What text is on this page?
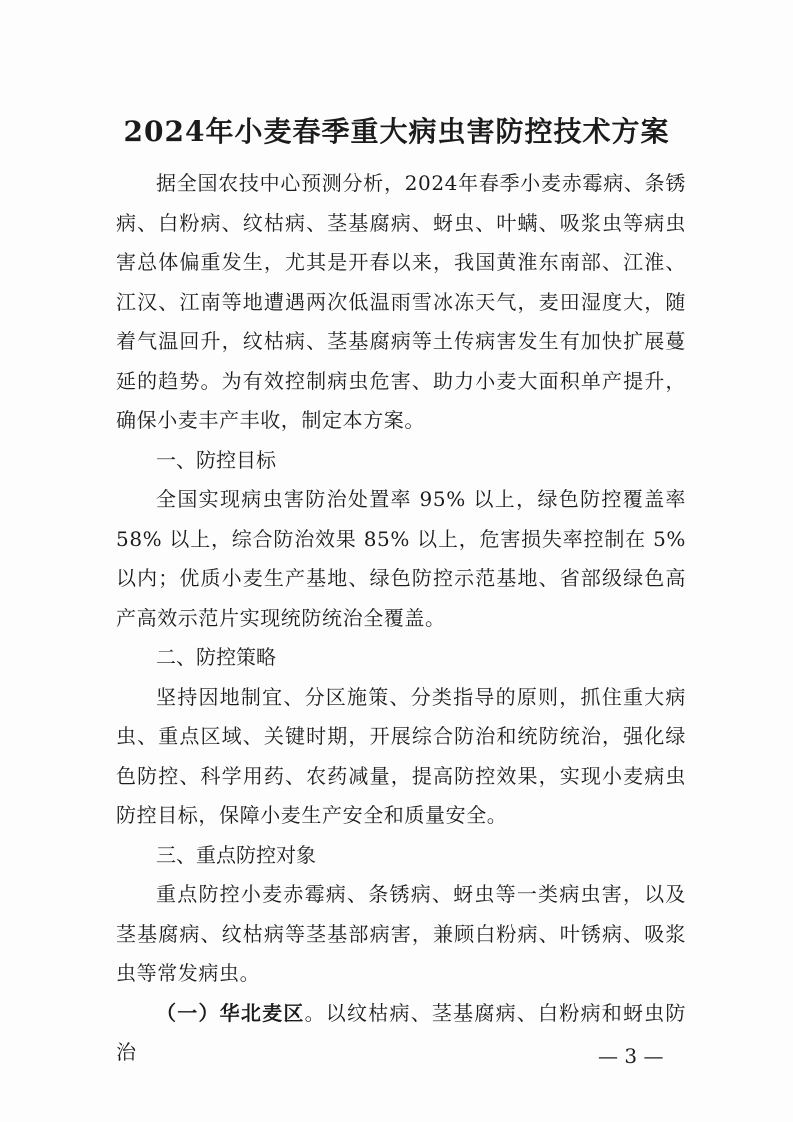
2024年小麦春季重大病虫害防控技术方案

据全国农技中心预测分析，2024年春季小麦赤霉病、条锈病、白粉病、纹枯病、茎基腐病、蚜虫、叶螨、吸浆虫等病虫害总体偏重发生，尤其是开春以来，我国黄淮东南部、江淮、江汉、江南等地遭遇两次低温雨雪冰冻天气，麦田湿度大，随着气温回升，纹枯病、茎基腐病等土传病害发生有加快扩展蔓延的趋势。为有效控制病虫危害、助力小麦大面积单产提升，确保小麦丰产丰收，制定本方案。

一、防控目标

全国实现病虫害防治处置率 95% 以上，绿色防控覆盖率 58% 以上，综合防治效果 85% 以上，危害损失率控制在 5% 以内；优质小麦生产基地、绿色防控示范基地、省部级绿色高产高效示范片实现统防统治全覆盖。

二、防控策略

坚持因地制宜、分区施策、分类指导的原则，抓住重大病虫、重点区域、关键时期，开展综合防治和统防统治，强化绿色防控、科学用药、农药减量，提高防控效果，实现小麦病虫防控目标，保障小麦生产安全和质量安全。

三、重点防控对象

重点防控小麦赤霉病、条锈病、蚜虫等一类病虫害，以及茎基腐病、纹枯病等茎基部病害，兼顾白粉病、叶锈病、吸浆虫等常发病虫。

（一）华北麦区。以纹枯病、茎基腐病、白粉病和蚜虫防治	— 3 —
